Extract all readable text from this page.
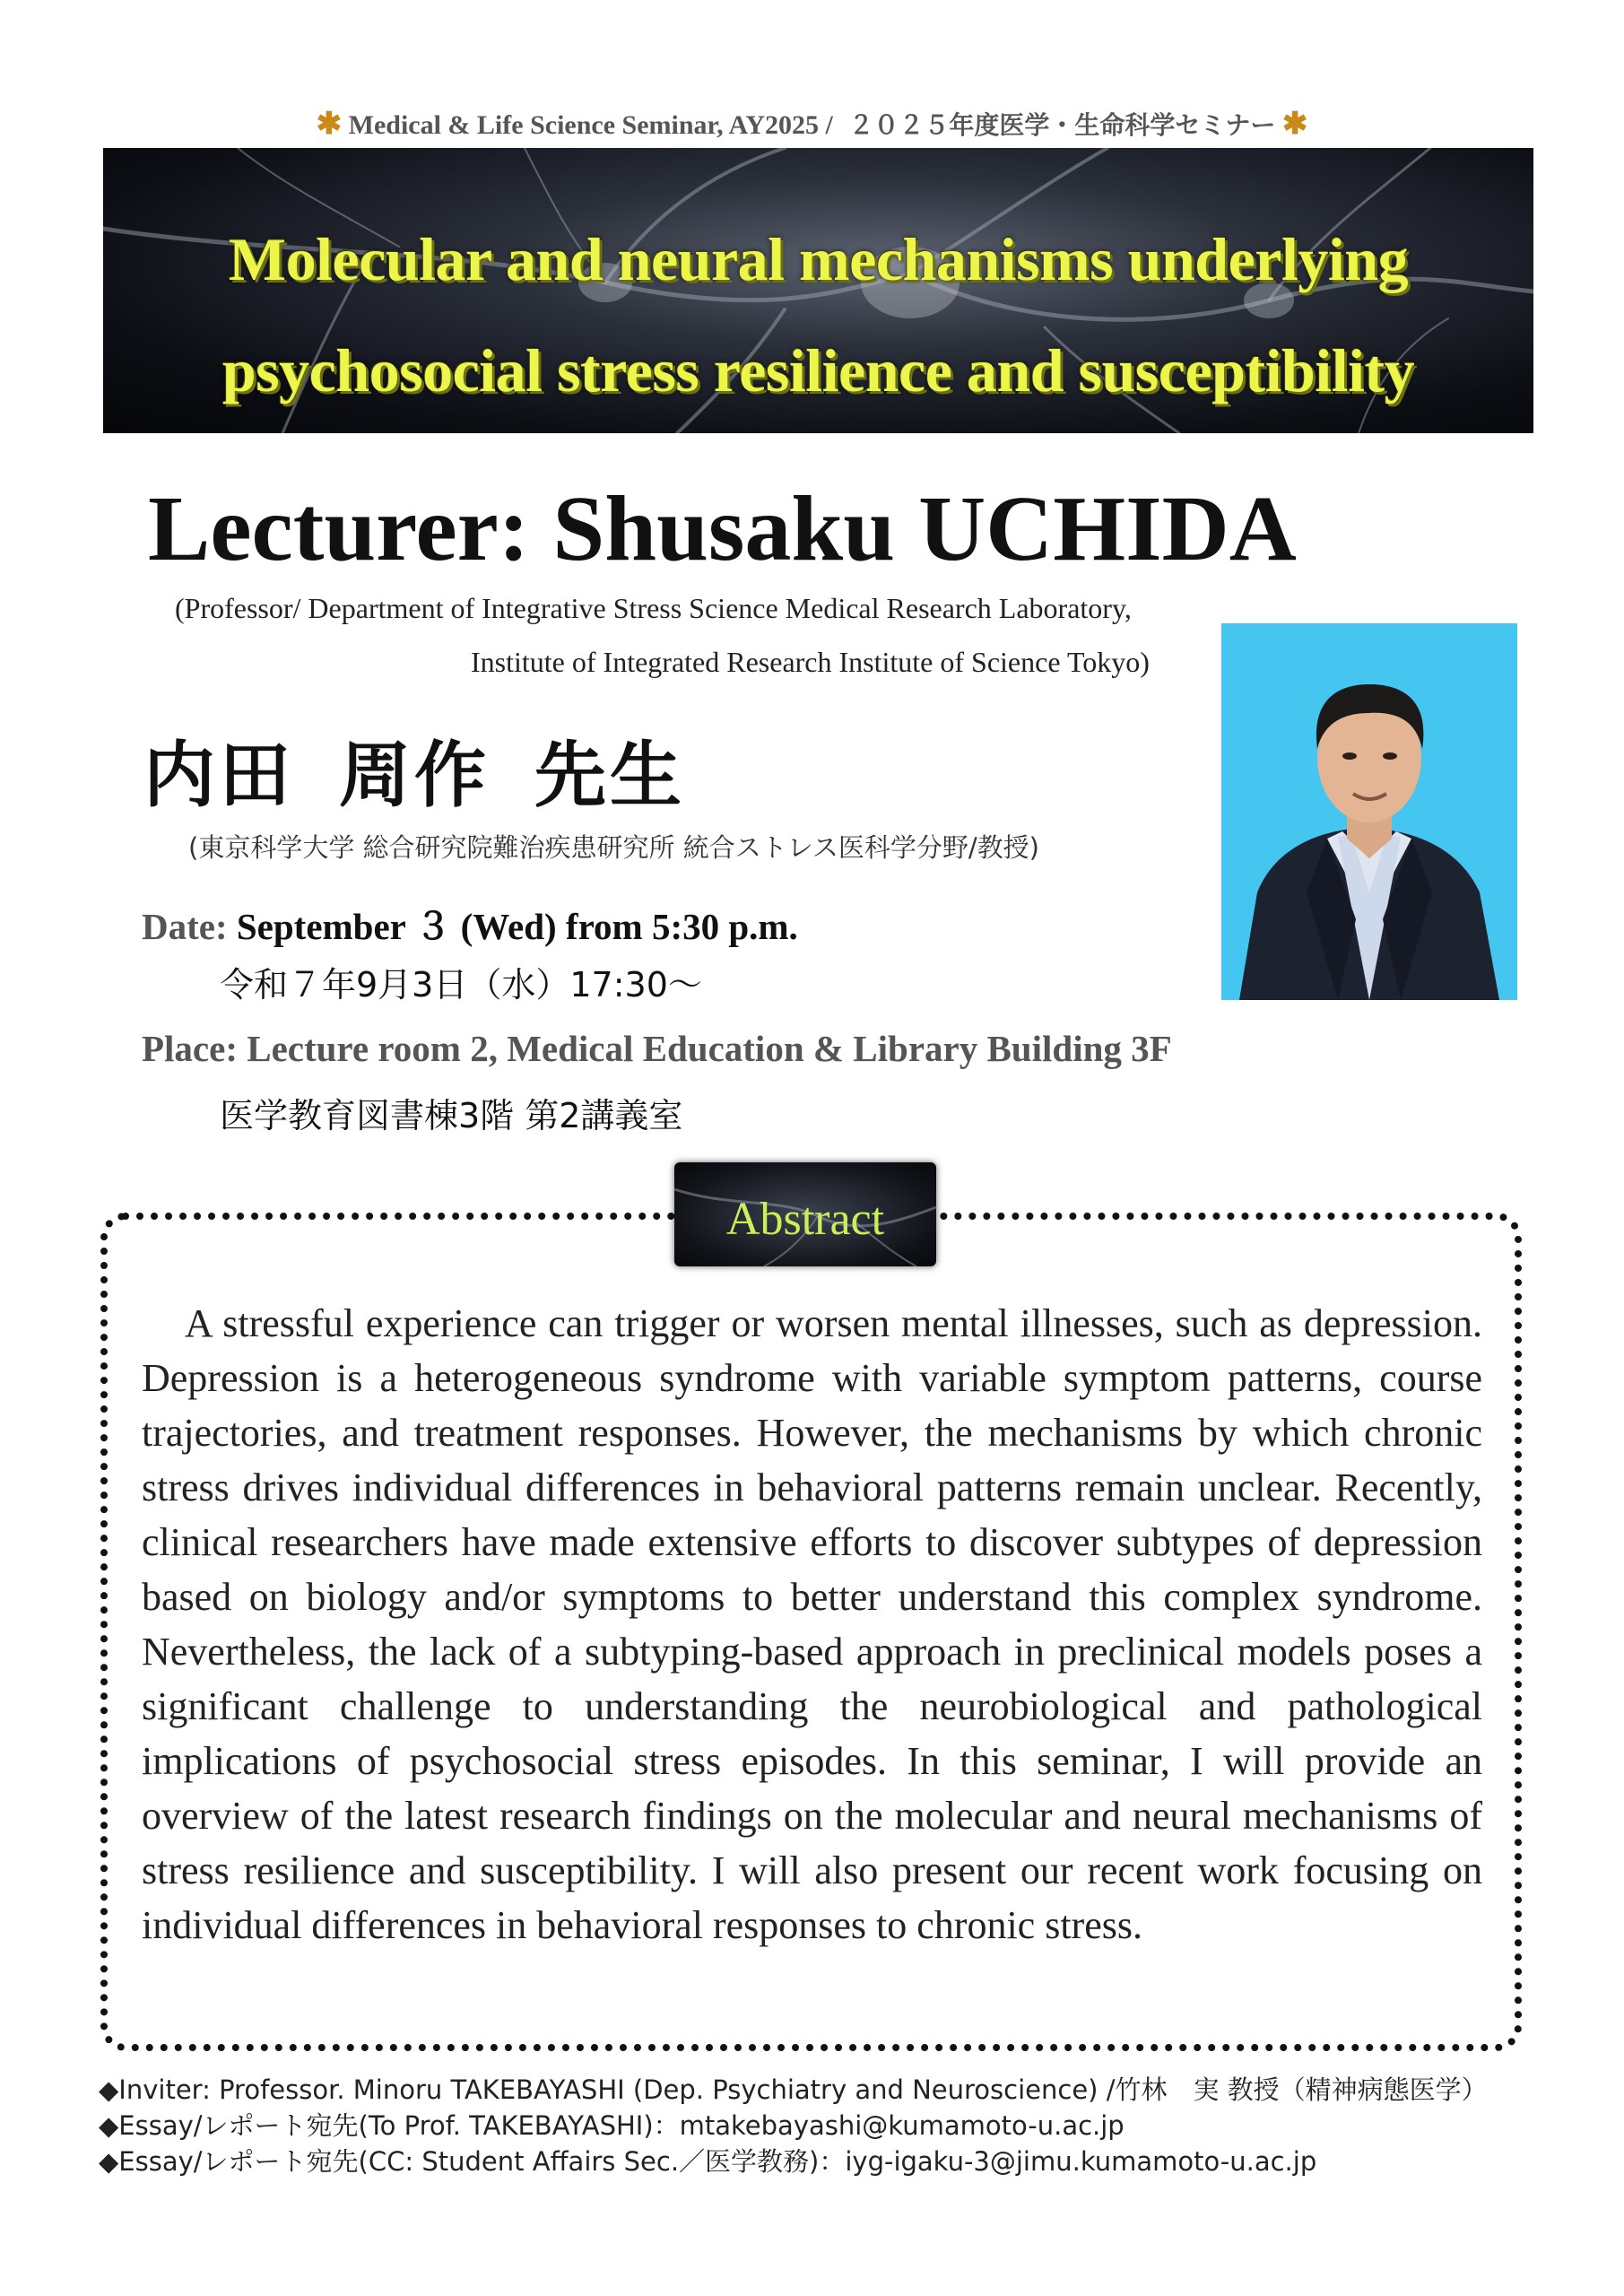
✱ Medical & Life Science Seminar, AY2025 / ２０２５年度医学・生命科学セミナー ✱
Molecular and neural mechanisms underlying
psychosocial stress resilience and susceptibility
Lecturer: Shusaku UCHIDA
(Professor/ Department of Integrative Stress Science Medical Research Laboratory,
Institute of Integrated Research Institute of Science Tokyo)
内田 周作 先生
(東京科学大学 総合研究院難治疾患研究所 統合ストレス医科学分野/教授)
Date: September ３ (Wed) from 5:30 p.m.
令和７年9月3日（水）17:30～
Place: Lecture room 2, Medical Education & Library Building 3F
医学教育図書棟3階 第2講義室
Abstract
A stressful experience can trigger or worsen mental illnesses, such as depression. Depression is a heterogeneous syndrome with variable symptom patterns, course trajectories, and treatment responses. However, the mechanisms by which chronic stress drives individual differences in behavioral patterns remain unclear. Recently, clinical researchers have made extensive efforts to discover subtypes of depression based on biology and/or symptoms to better understand this complex syndrome. Nevertheless, the lack of a subtyping-based approach in preclinical models poses a significant challenge to understanding the neurobiological and pathological implications of psychosocial stress episodes. In this seminar, I will provide an overview of the latest research findings on the molecular and neural mechanisms of stress resilience and susceptibility. I will also present our recent work focusing on individual differences in behavioral responses to chronic stress.
◆Inviter: Professor. Minoru TAKEBAYASHI (Dep. Psychiatry and Neuroscience) /竹林　実 教授（精神病態医学）
◆Essay/レポート宛先(To Prof. TAKEBAYASHI)：mtakebayashi@kumamoto-u.ac.jp
◆Essay/レポート宛先(CC: Student Affairs Sec.／医学教務)：iyg-igaku-3@jimu.kumamoto-u.ac.jp
